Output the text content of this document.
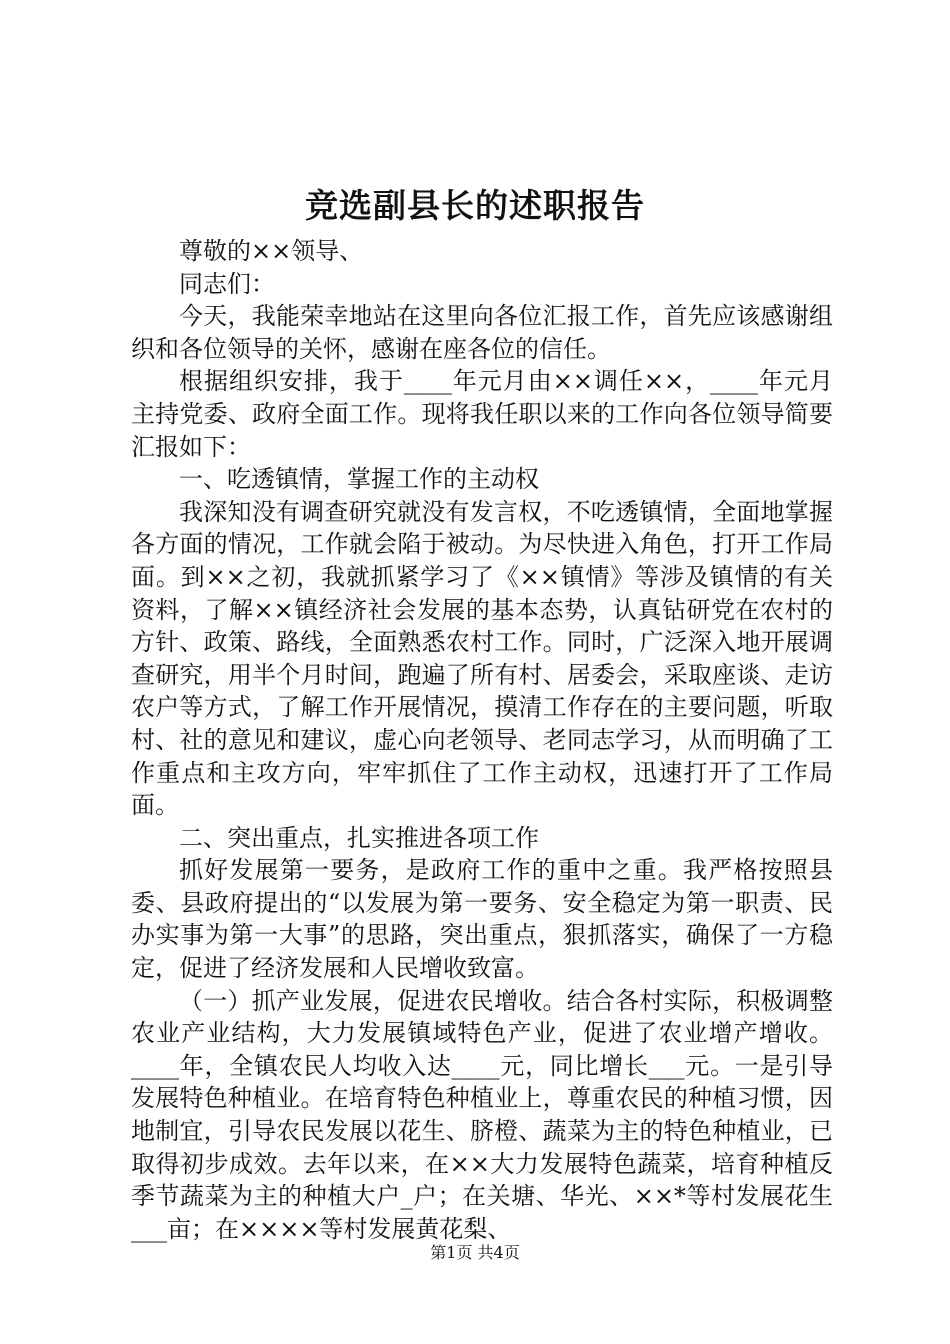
竞选副县长的述职报告

尊敬的××领导、

同志们：

今天，我能荣幸地站在这里向各位汇报工作，首先应该感谢组织和各位领导的关怀，感谢在座各位的信任。

根据组织安排，我于____年元月由××调任××，____年元月主持党委、政府全面工作。现将我任职以来的工作向各位领导简要汇报如下：

一、吃透镇情，掌握工作的主动权

我深知没有调查研究就没有发言权，不吃透镇情，全面地掌握各方面的情况，工作就会陷于被动。为尽快进入角色，打开工作局面。到××之初，我就抓紧学习了《××镇情》等涉及镇情的有关资料，了解××镇经济社会发展的基本态势，认真钻研党在农村的方针、政策、路线，全面熟悉农村工作。同时，广泛深入地开展调查研究，用半个月时间，跑遍了所有村、居委会，采取座谈、走访农户等方式，了解工作开展情况，摸清工作存在的主要问题，听取村、社的意见和建议，虚心向老领导、老同志学习，从而明确了工作重点和主攻方向，牢牢抓住了工作主动权，迅速打开了工作局面。

二、突出重点，扎实推进各项工作

抓好发展第一要务，是政府工作的重中之重。我严格按照县委、县政府提出的“以发展为第一要务、安全稳定为第一职责、民办实事为第一大事”的思路，突出重点，狠抓落实，确保了一方稳定，促进了经济发展和人民增收致富。

（一）抓产业发展，促进农民增收。结合各村实际，积极调整农业产业结构，大力发展镇域特色产业，促进了农业增产增收。____年，全镇农民人均收入达____元，同比增长___元。一是引导发展特色种植业。在培育特色种植业上，尊重农民的种植习惯，因地制宜，引导农民发展以花生、脐橙、蔬菜为主的特色种植业，已取得初步成效。去年以来，在××大力发展特色蔬菜，培育种植反季节蔬菜为主的种植大户_户；在关塘、华光、××*等村发展花生___亩；在××××等村发展黄花梨、

第1页 共4页
